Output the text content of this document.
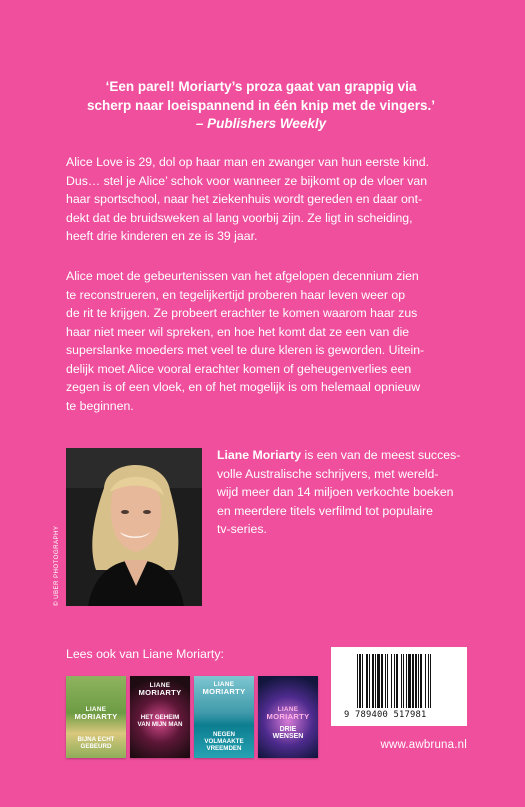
‘Een parel! Moriarty’s proza gaat van grappig via
scherp naar loeispannend in één knip met de vingers.’
– Publishers Weekly
Alice Love is 29, dol op haar man en zwanger van hun eerste kind.
Dus… stel je Alice’ schok voor wanneer ze bijkomt op de vloer van
haar sportschool, naar het ziekenhuis wordt gereden en daar ont-
dekt dat de bruidsweken al lang voorbij zijn. Ze ligt in scheiding,
heeft drie kinderen en ze is 39 jaar.
Alice moet de gebeurtenissen van het afgelopen decennium zien
te reconstrueren, en tegelijkertijd proberen haar leven weer op
de rit te krijgen. Ze probeert erachter te komen waarom haar zus
haar niet meer wil spreken, en hoe het komt dat ze een van die
superslanke moeders met veel te dure kleren is geworden. Uitein-
delijk moet Alice vooral erachter komen of geheugenverlies een
zegen is of een vloek, en of het mogelijk is om helemaal opnieuw
te beginnen.
© UBER PHOTOGRAPHY
Liane Moriarty is een van de meest succes-
volle Australische schrijvers, met wereld-
wijd meer dan 14 miljoen verkochte boeken
en meerdere titels verfilmd tot populaire
tv-series.
Lees ook van Liane Moriarty:
LIANE
MORIARTY
BIJNA ECHT
GEBEURD
LIANE
MORIARTY
HET GEHEIM
VAN MIJN MAN
LIANE
MORIARTY
NEGEN VOLMAAKTE
VREEMDEN
LIANE
MORIARTY
DRIE
WENSEN
9 789400 517981
www.awbruna.nl
